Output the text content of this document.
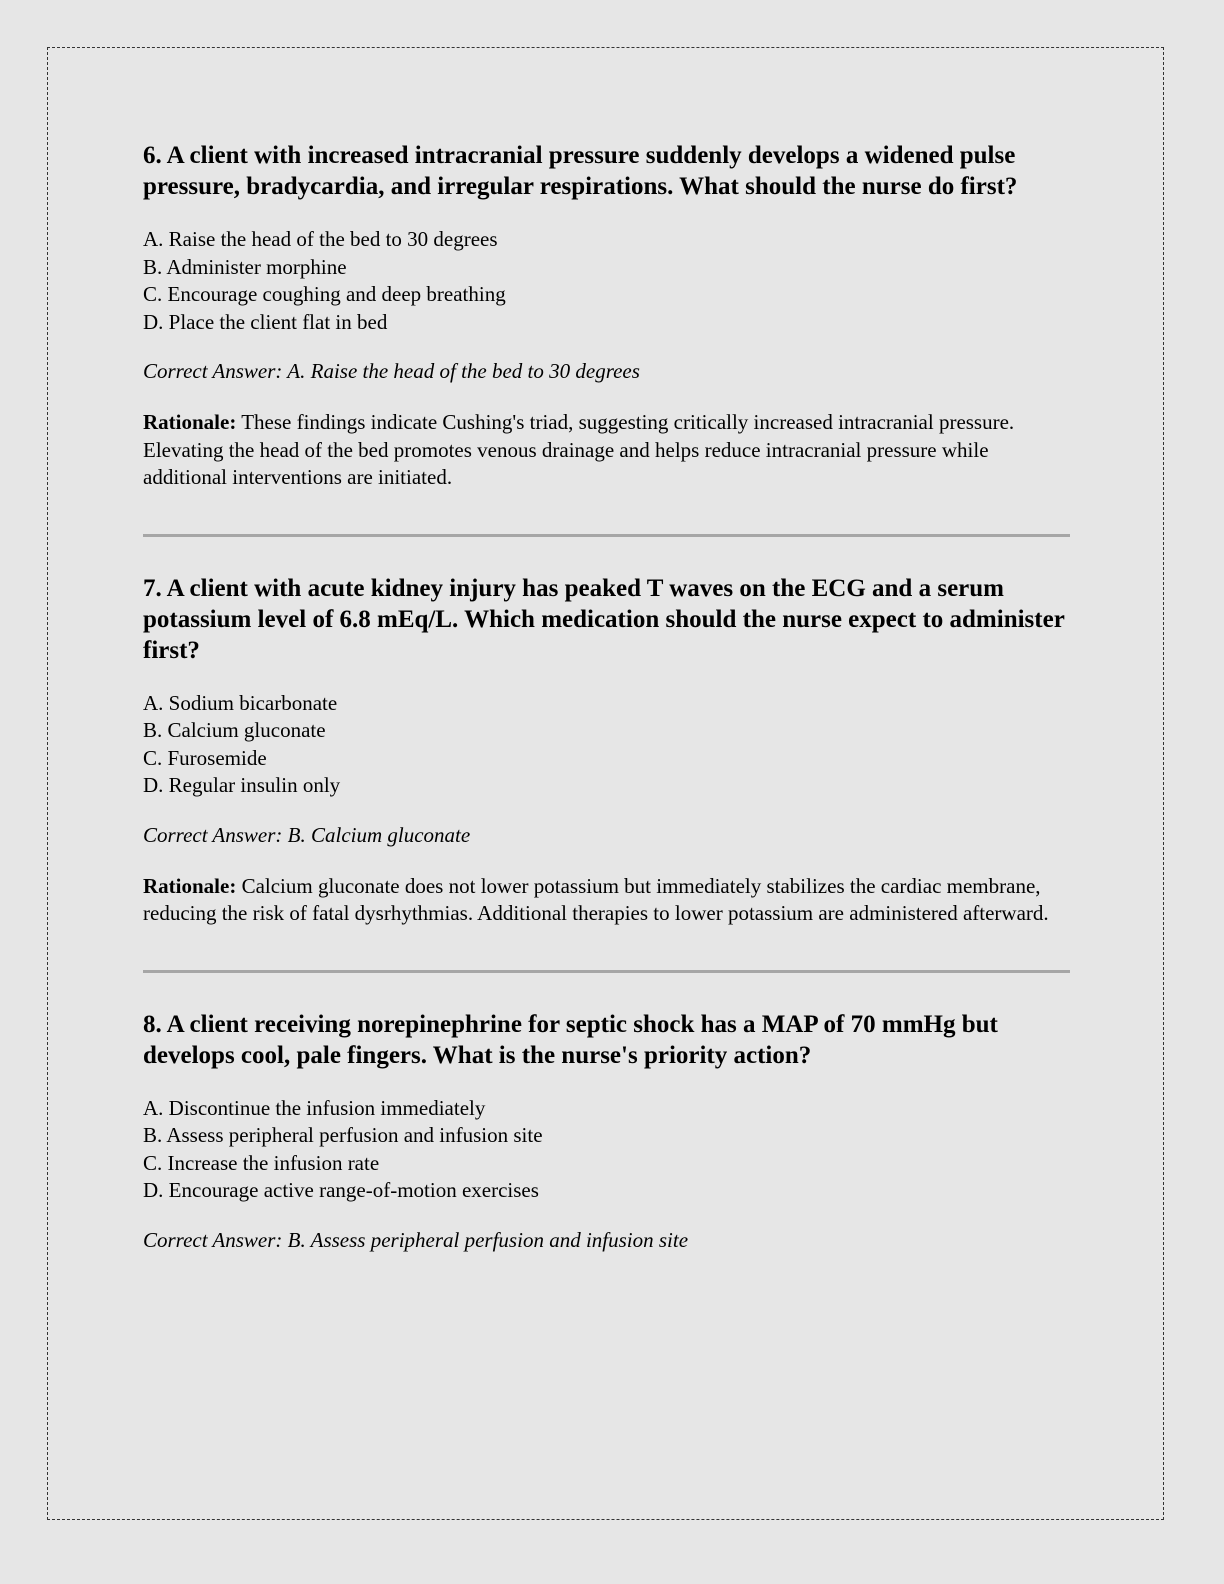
6. A client with increased intracranial pressure suddenly develops a widened pulse pressure, bradycardia, and irregular respirations. What should the nurse do first?

A. Raise the head of the bed to 30 degrees
B. Administer morphine
C. Encourage coughing and deep breathing
D. Place the client flat in bed

Correct Answer: A. Raise the head of the bed to 30 degrees

Rationale: These findings indicate Cushing's triad, suggesting critically increased intracranial pressure. Elevating the head of the bed promotes venous drainage and helps reduce intracranial pressure while additional interventions are initiated.

7. A client with acute kidney injury has peaked T waves on the ECG and a serum potassium level of 6.8 mEq/L. Which medication should the nurse expect to administer first?

A. Sodium bicarbonate
B. Calcium gluconate
C. Furosemide
D. Regular insulin only

Correct Answer: B. Calcium gluconate

Rationale: Calcium gluconate does not lower potassium but immediately stabilizes the cardiac membrane, reducing the risk of fatal dysrhythmias. Additional therapies to lower potassium are administered afterward.

8. A client receiving norepinephrine for septic shock has a MAP of 70 mmHg but develops cool, pale fingers. What is the nurse's priority action?

A. Discontinue the infusion immediately
B. Assess peripheral perfusion and infusion site
C. Increase the infusion rate
D. Encourage active range-of-motion exercises

Correct Answer: B. Assess peripheral perfusion and infusion site
